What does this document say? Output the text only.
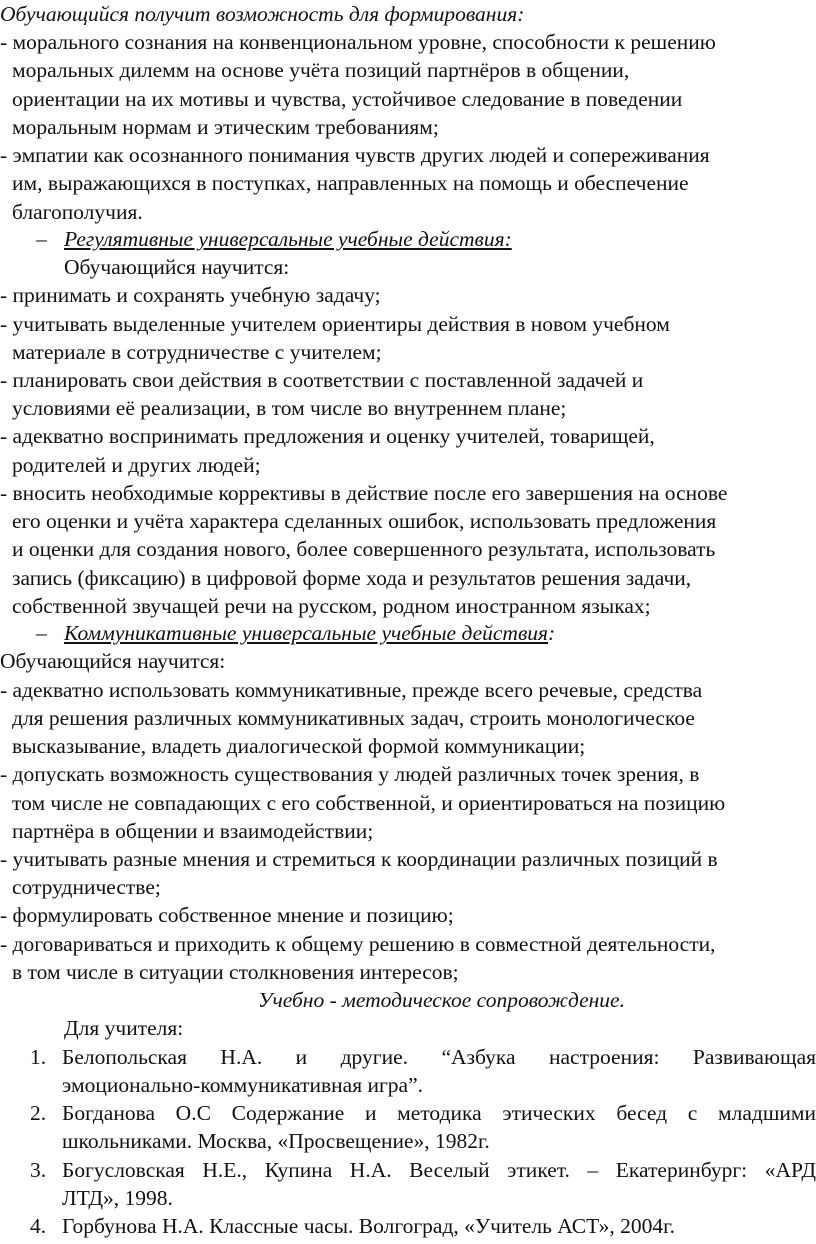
Обучающийся получит возможность для формирования:
- морального сознания на конвенциональном уровне, способности к решению
моральных дилемм на основе учёта позиций партнёров в общении,
ориентации на их мотивы и чувства, устойчивое следование в поведении
моральным нормам и этическим требованиям;
- эмпатии как осознанного понимания чувств других людей и сопереживания
им, выражающихся в поступках, направленных на помощь и обеспечение
благополучия.
– Регулятивные универсальные учебные действия:
Обучающийся научится:
- принимать и сохранять учебную задачу;
- учитывать выделенные учителем ориентиры действия в новом учебном
материале в сотрудничестве с учителем;
- планировать свои действия в соответствии с поставленной задачей и
условиями её реализации, в том числе во внутреннем плане;
- адекватно воспринимать предложения и оценку учителей, товарищей,
родителей и других людей;
- вносить необходимые коррективы в действие после его завершения на основе
его оценки и учёта характера сделанных ошибок, использовать предложения
и оценки для создания нового, более совершенного результата, использовать
запись (фиксацию) в цифровой форме хода и результатов решения задачи,
собственной звучащей речи на русском, родном иностранном языках;
– Коммуникативные универсальные учебные действия:
Обучающийся научится:
- адекватно использовать коммуникативные, прежде всего речевые, средства
для решения различных коммуникативных задач, строить монологическое
высказывание, владеть диалогической формой коммуникации;
- допускать возможность существования у людей различных точек зрения, в
том числе не совпадающих с его собственной, и ориентироваться на позицию
партнёра в общении и взаимодействии;
- учитывать разные мнения и стремиться к координации различных позиций в
сотрудничестве;
- формулировать собственное мнение и позицию;
- договариваться и приходить к общему решению в совместной деятельности,
в том числе в ситуации столкновения интересов;
Учебно - методическое сопровождение.
Для учителя:
1. Белопольская Н.А. и другие. “Азбука настроения: Развивающая
эмоционально-коммуникативная игра”.
2. Богданова О.С Содержание и методика этических бесед с младшими
школьниками. Москва, «Просвещение», 1982г.
3. Богусловская Н.Е., Купина Н.А. Веселый этикет. – Екатеринбург: «АРД
ЛТД», 1998.
4. Горбунова Н.А. Классные часы. Волгоград, «Учитель АСТ», 2004г.
